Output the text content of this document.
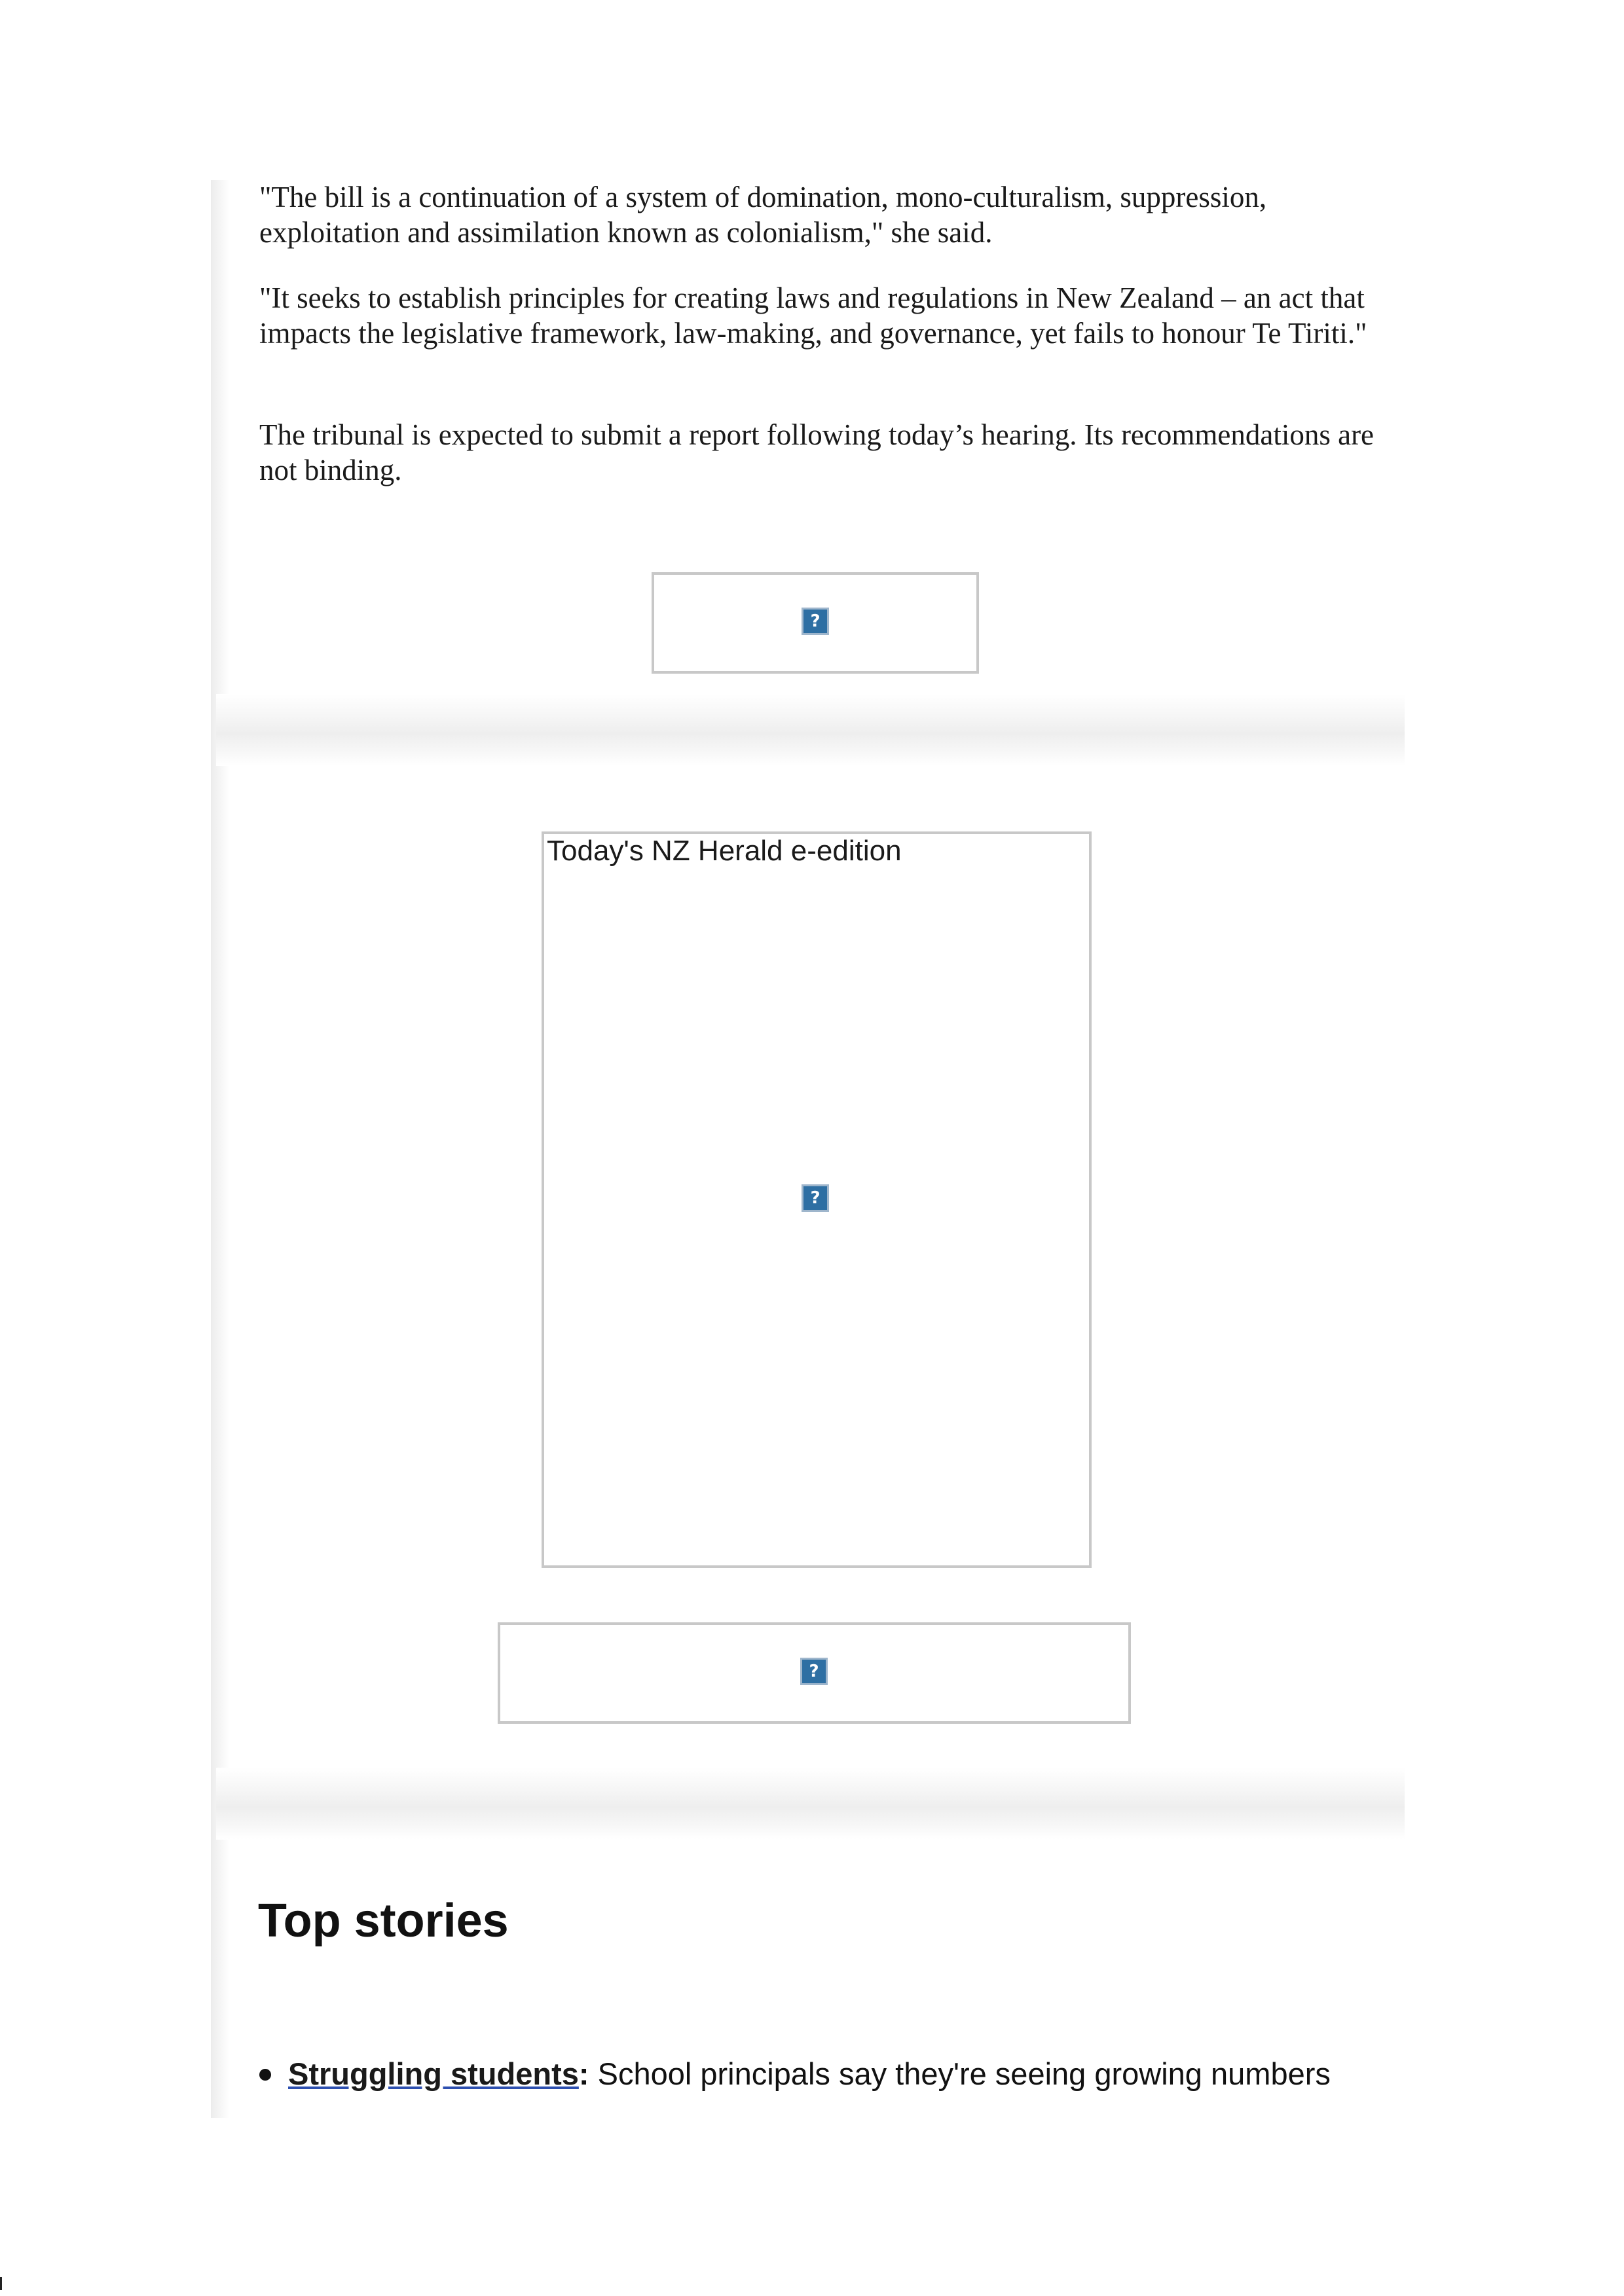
"The bill is a continuation of a system of domination, mono-culturalism, suppression, exploitation and assimilation known as colonialism," she said.

"It seeks to establish principles for creating laws and regulations in New Zealand – an act that impacts the legislative framework, law-making, and governance, yet fails to honour Te Tiriti."

The tribunal is expected to submit a report following today’s hearing. Its recommendations are not binding.

?
Today's NZ Herald e-edition
?
?
Top stories
Struggling students: School principals say they're seeing growing numbers
